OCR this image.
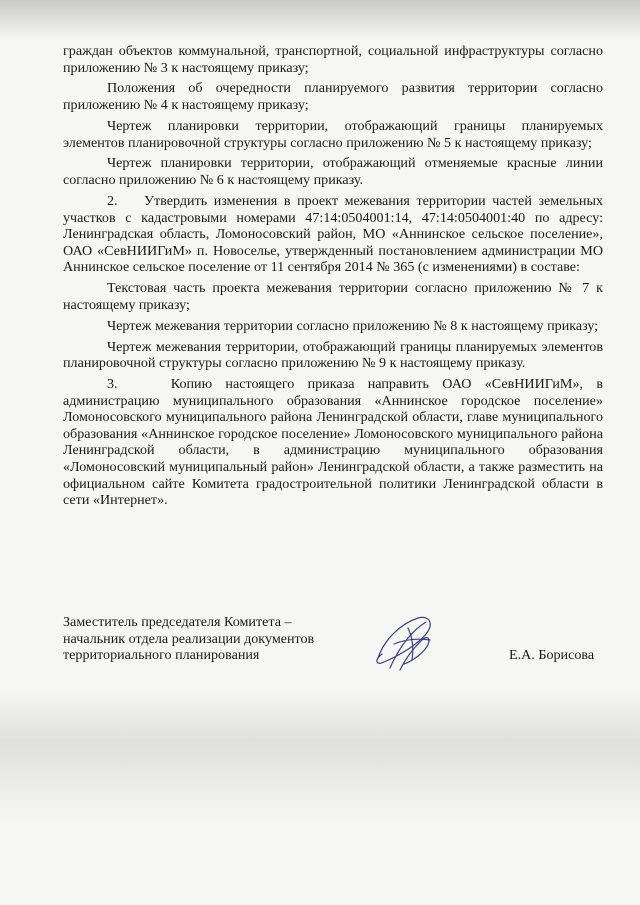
граждан объектов коммунальной, транспортной, социальной инфраструктуры согласно приложению № 3 к настоящему приказу;

Положения об очередности планируемого развития территории согласно приложению № 4 к настоящему приказу;

Чертеж планировки территории, отображающий границы планируемых элементов планировочной структуры согласно приложению № 5 к настоящему приказу;

Чертеж планировки территории, отображающий отменяемые красные линии согласно приложению № 6 к настоящему приказу.

2.    Утвердить изменения в проект межевания территории частей земельных участков с кадастровыми номерами 47:14:0504001:14, 47:14:0504001:40 по адресу: Ленинградская область, Ломоносовский район, МО «Аннинское сельское поселение», ОАО «СевНИИГиМ» п. Новоселье, утвержденный постановлением администрации МО Аннинское сельское поселение от 11 сентября 2014 № 365 (с изменениями) в составе:

Текстовая часть проекта межевания территории согласно приложению № 7 к настоящему приказу;

Чертеж межевания территории согласно приложению № 8 к настоящему приказу;

Чертеж межевания территории, отображающий границы планируемых элементов планировочной структуры согласно приложению № 9 к настоящему приказу.

3.    Копию настоящего приказа направить ОАО «СевНИИГиМ», в администрацию муниципального образования «Аннинское городское поселение» Ломоносовского муниципального района Ленинградской области, главе муниципального образования «Аннинское городское поселение» Ломоносовского муниципального района Ленинградской области, в администрацию муниципального образования «Ломоносовский муниципальный район» Ленинградской области, а также разместить на официальном сайте Комитета градостроительной политики Ленинградской области в сети «Интернет».

Заместитель председателя Комитета –
начальник отдела реализации документов
территориального планирования	Е.А. Борисова
